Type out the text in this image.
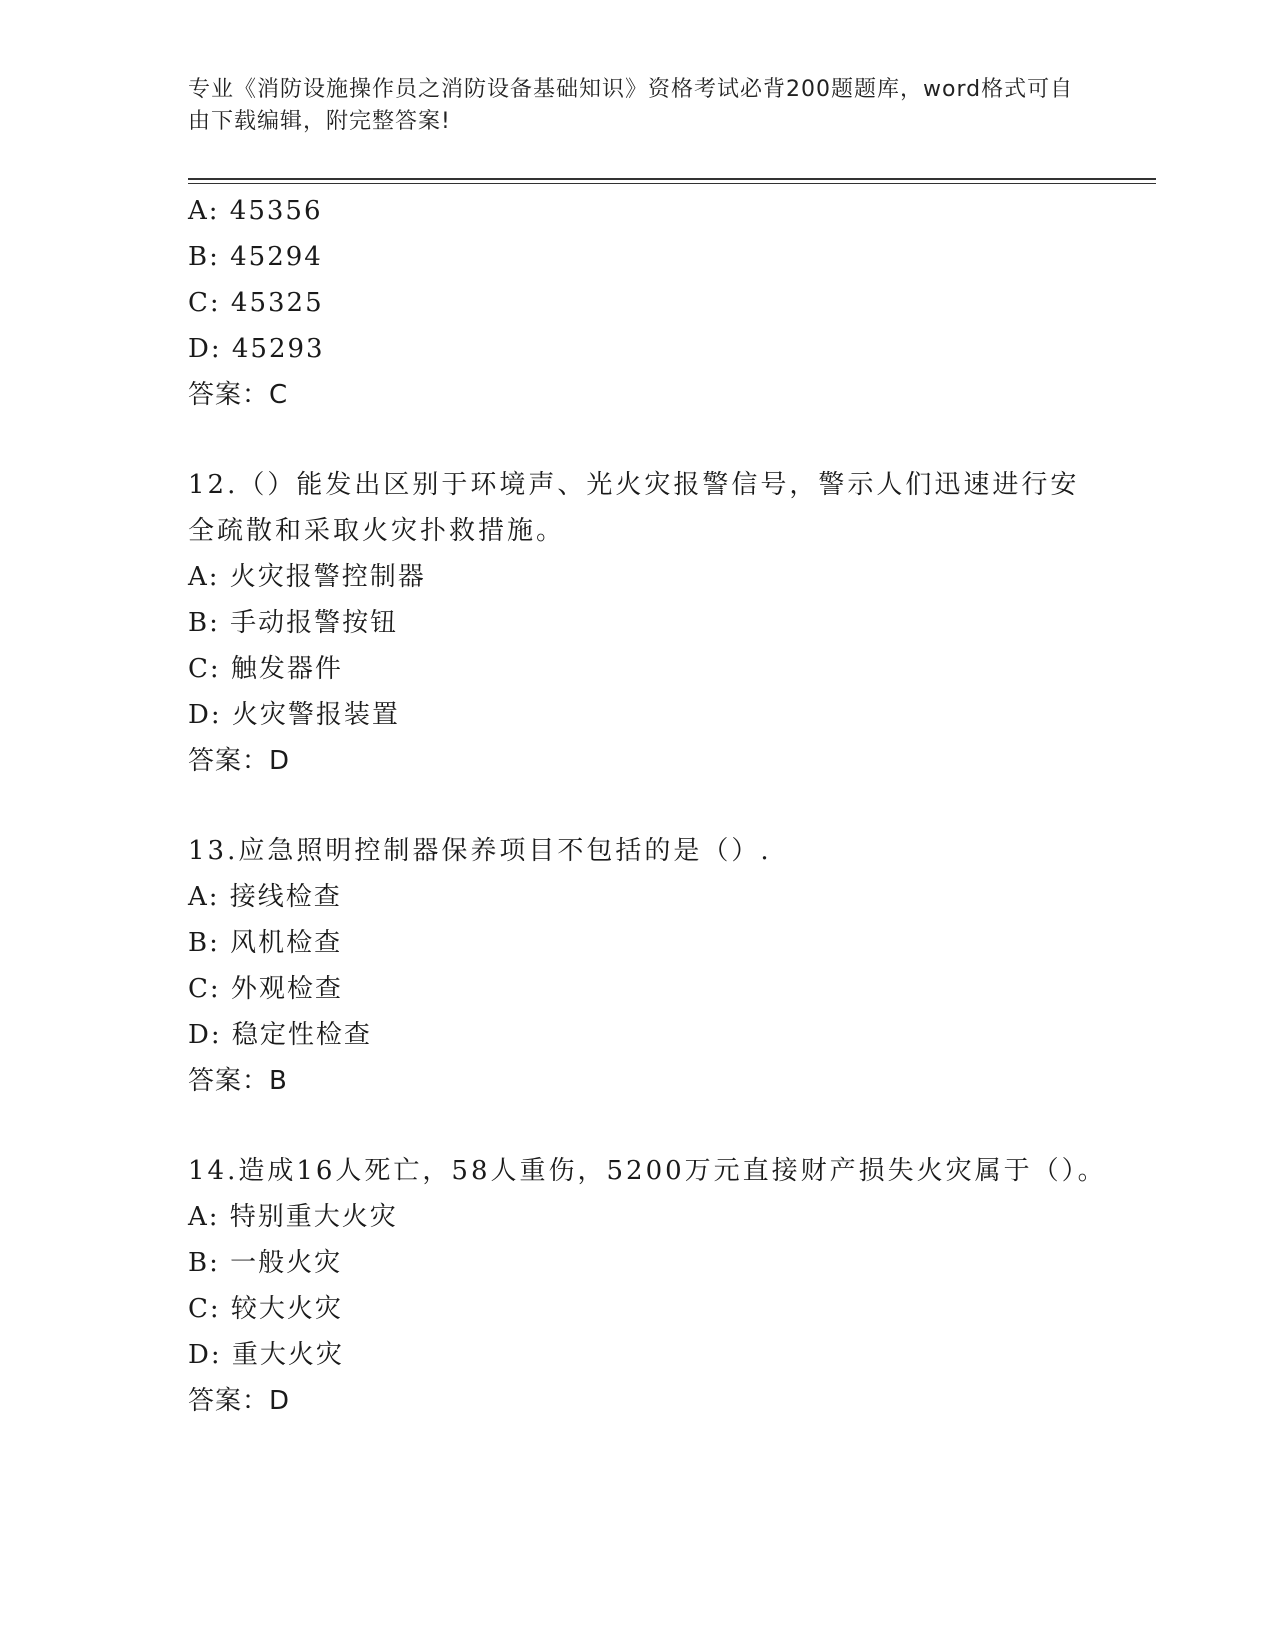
专业《消防设施操作员之消防设备基础知识》资格考试必背200题题库，word格式可自由下载编辑，附完整答案!
A: 45356
B: 45294
C: 45325
D: 45293
答案：C
12.（）能发出区别于环境声、光火灾报警信号，警示人们迅速进行安全疏散和采取火灾扑救措施。
A: 火灾报警控制器
B: 手动报警按钮
C: 触发器件
D: 火灾警报装置
答案：D
13.应急照明控制器保养项目不包括的是（）.
A: 接线检查
B: 风机检查
C: 外观检查
D: 稳定性检查
答案：B
14.造成16人死亡，58人重伤，5200万元直接财产损失火灾属于（）。
A: 特别重大火灾
B: 一般火灾
C: 较大火灾
D: 重大火灾
答案：D
